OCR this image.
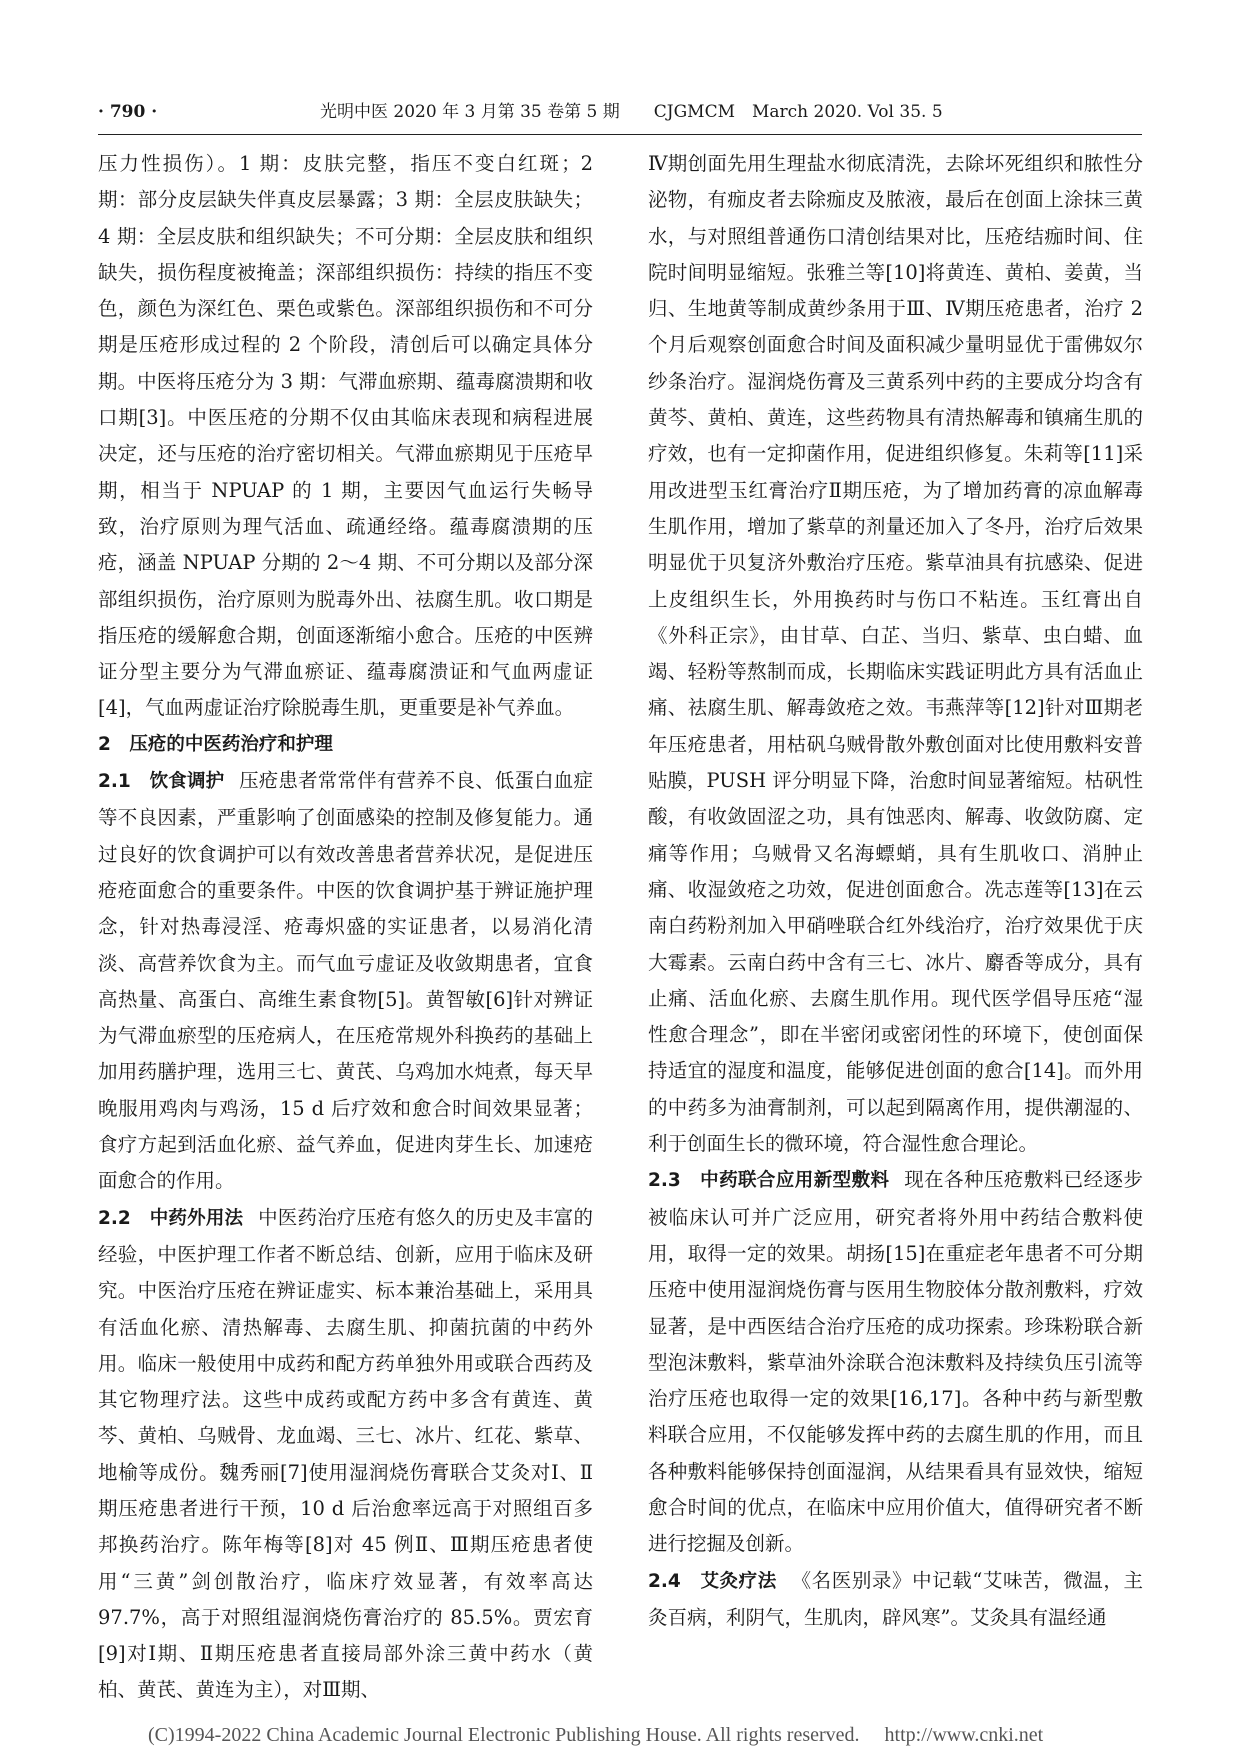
· 790 ·	光明中医 2020 年 3 月第 35 卷第 5 期　　CJGMCM　March 2020. Vol 35. 5

压力性损伤）。1 期：皮肤完整，指压不变白红斑；2 期：部分皮层缺失伴真皮层暴露；3 期：全层皮肤缺失；4 期：全层皮肤和组织缺失；不可分期：全层皮肤和组织缺失，损伤程度被掩盖；深部组织损伤：持续的指压不变色，颜色为深红色、栗色或紫色。深部组织损伤和不可分期是压疮形成过程的 2 个阶段，清创后可以确定具体分期。中医将压疮分为 3 期：气滞血瘀期、蕴毒腐溃期和收口期[3]。中医压疮的分期不仅由其临床表现和病程进展决定，还与压疮的治疗密切相关。气滞血瘀期见于压疮早期，相当于 NPUAP 的 1 期，主要因气血运行失畅导致，治疗原则为理气活血、疏通经络。蕴毒腐溃期的压疮，涵盖 NPUAP 分期的 2～4 期、不可分期以及部分深部组织损伤，治疗原则为脱毒外出、祛腐生肌。收口期是指压疮的缓解愈合期，创面逐渐缩小愈合。压疮的中医辨证分型主要分为气滞血瘀证、蕴毒腐溃证和气血两虚证[4]，气血两虚证治疗除脱毒生肌，更重要是补气养血。

2　压疮的中医药治疗和护理

2.1　饮食调护 压疮患者常常伴有营养不良、低蛋白血症等不良因素，严重影响了创面感染的控制及修复能力。通过良好的饮食调护可以有效改善患者营养状况，是促进压疮疮面愈合的重要条件。中医的饮食调护基于辨证施护理念，针对热毒浸淫、疮毒炽盛的实证患者，以易消化清淡、高营养饮食为主。而气血亏虚证及收敛期患者，宜食高热量、高蛋白、高维生素食物[5]。黄智敏[6]针对辨证为气滞血瘀型的压疮病人，在压疮常规外科换药的基础上加用药膳护理，选用三七、黄芪、乌鸡加水炖煮，每天早晚服用鸡肉与鸡汤，15 d 后疗效和愈合时间效果显著；食疗方起到活血化瘀、益气养血，促进肉芽生长、加速疮面愈合的作用。

2.2　中药外用法 中医药治疗压疮有悠久的历史及丰富的经验，中医护理工作者不断总结、创新，应用于临床及研究。中医治疗压疮在辨证虚实、标本兼治基础上，采用具有活血化瘀、清热解毒、去腐生肌、抑菌抗菌的中药外用。临床一般使用中成药和配方药单独外用或联合西药及其它物理疗法。这些中成药或配方药中多含有黄连、黄芩、黄柏、乌贼骨、龙血竭、三七、冰片、红花、紫草、地榆等成份。魏秀丽[7]使用湿润烧伤膏联合艾灸对Ⅰ、Ⅱ期压疮患者进行干预，10 d 后治愈率远高于对照组百多邦换药治疗。陈年梅等[8]对 45 例Ⅱ、Ⅲ期压疮患者使用“三黄”剑创散治疗，临床疗效显著，有效率高达 97.7%，高于对照组湿润烧伤膏治疗的 85.5%。贾宏育[9]对Ⅰ期、Ⅱ期压疮患者直接局部外涂三黄中药水（黄柏、黄芪、黄连为主），对Ⅲ期、

Ⅳ期创面先用生理盐水彻底清洗，去除坏死组织和脓性分泌物，有痂皮者去除痂皮及脓液，最后在创面上涂抹三黄水，与对照组普通伤口清创结果对比，压疮结痂时间、住院时间明显缩短。张雅兰等[10]将黄连、黄柏、姜黄，当归、生地黄等制成黄纱条用于Ⅲ、Ⅳ期压疮患者，治疗 2 个月后观察创面愈合时间及面积减少量明显优于雷佛奴尔纱条治疗。湿润烧伤膏及三黄系列中药的主要成分均含有黄芩、黄柏、黄连，这些药物具有清热解毒和镇痛生肌的疗效，也有一定抑菌作用，促进组织修复。朱莉等[11]采用改进型玉红膏治疗Ⅱ期压疮，为了增加药膏的凉血解毒生肌作用，增加了紫草的剂量还加入了冬丹，治疗后效果明显优于贝复济外敷治疗压疮。紫草油具有抗感染、促进上皮组织生长，外用换药时与伤口不粘连。玉红膏出自《外科正宗》，由甘草、白芷、当归、紫草、虫白蜡、血竭、轻粉等熬制而成，长期临床实践证明此方具有活血止痛、祛腐生肌、解毒敛疮之效。韦燕萍等[12]针对Ⅲ期老年压疮患者，用枯矾乌贼骨散外敷创面对比使用敷料安普贴膜，PUSH 评分明显下降，治愈时间显著缩短。枯矾性酸，有收敛固涩之功，具有蚀恶肉、解毒、收敛防腐、定痛等作用；乌贼骨又名海螵蛸，具有生肌收口、消肿止痛、收湿敛疮之功效，促进创面愈合。冼志莲等[13]在云南白药粉剂加入甲硝唑联合红外线治疗，治疗效果优于庆大霉素。云南白药中含有三七、冰片、麝香等成分，具有止痛、活血化瘀、去腐生肌作用。现代医学倡导压疮“湿性愈合理念”，即在半密闭或密闭性的环境下，使创面保持适宜的湿度和温度，能够促进创面的愈合[14]。而外用的中药多为油膏制剂，可以起到隔离作用，提供潮湿的、利于创面生长的微环境，符合湿性愈合理论。

2.3　中药联合应用新型敷料 现在各种压疮敷料已经逐步被临床认可并广泛应用，研究者将外用中药结合敷料使用，取得一定的效果。胡扬[15]在重症老年患者不可分期压疮中使用湿润烧伤膏与医用生物胶体分散剂敷料，疗效显著，是中西医结合治疗压疮的成功探索。珍珠粉联合新型泡沫敷料，紫草油外涂联合泡沫敷料及持续负压引流等治疗压疮也取得一定的效果[16,17]。各种中药与新型敷料联合应用，不仅能够发挥中药的去腐生肌的作用，而且各种敷料能够保持创面湿润，从结果看具有显效快，缩短愈合时间的优点，在临床中应用价值大，值得研究者不断进行挖掘及创新。

2.4　艾灸疗法 《名医别录》中记载“艾味苦，微温，主灸百病，利阴气，生肌肉，辟风寒”。艾灸具有温经通

(C)1994-2022 China Academic Journal Electronic Publishing House. All rights reserved.　 http://www.cnki.net
